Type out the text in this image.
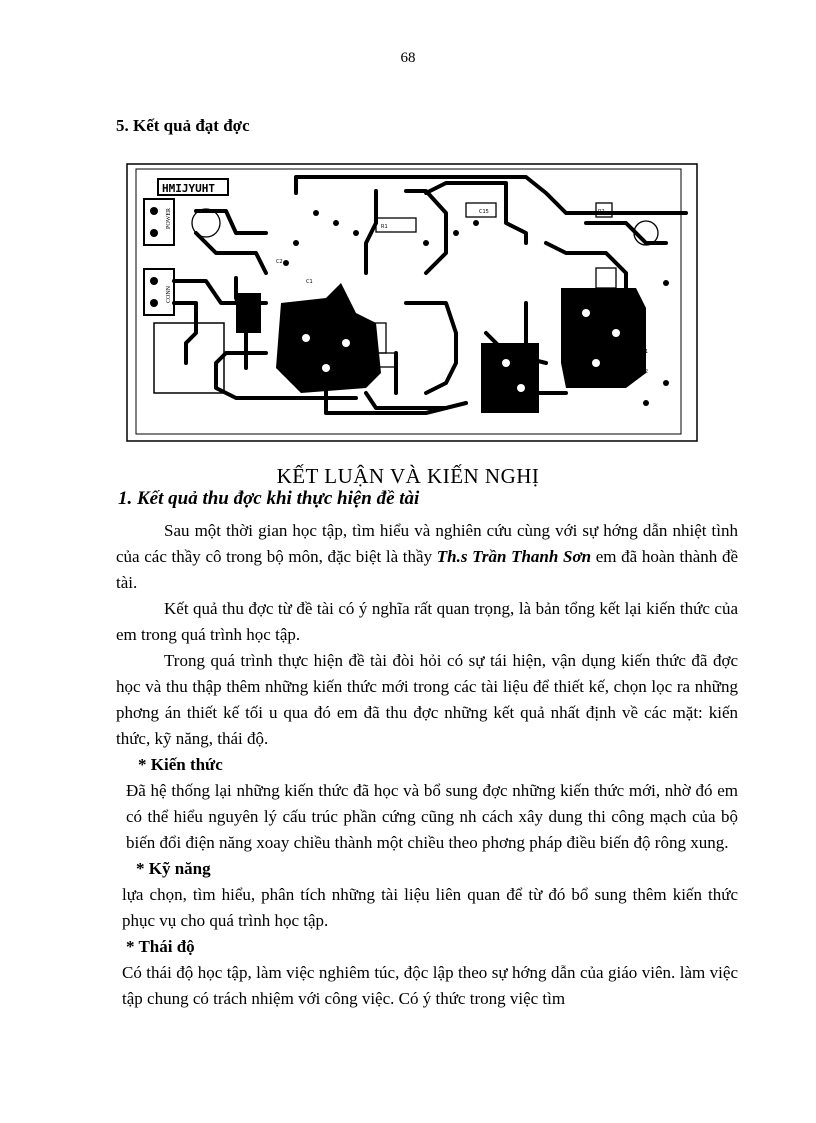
68
5. Kết quả đạt đợc
HMIJYUHT
POWER
CONN
C15
C16
R1
R2
C1
C2
U1
D1
D2
KẾT LUẬN VÀ KIẾN NGHỊ
1. Kết quả thu đợc khi thực hiện đề tài

Sau một thời gian học tập, tìm hiểu và nghiên cứu cùng với sự hớng dẫn nhiệt tình của các thầy cô trong bộ môn, đặc biệt là thầy Th.s Trần Thanh Sơn em đã hoàn thành đề tài.

Kết quả thu đợc từ đề tài có ý nghĩa rất quan trọng, là bản tổng kết lại kiến thức của em trong quá trình học tập.

Trong quá trình thực hiện đề tài đòi hỏi có sự tái hiện, vận dụng kiến thức đã đợc học và thu thập thêm những kiến thức mới trong các tài liệu để thiết kế, chọn lọc ra những phơng án thiết kế tối u qua đó em đã thu đợc những kết quả nhất định về các mặt: kiến thức, kỹ năng, thái độ.

* Kiến thức

Đã hệ thống lại những kiến thức đã học và bổ sung đợc những kiến thức mới, nhờ đó em có thể hiểu nguyên lý cấu trúc phần cứng cũng nh cách xây dung thi công mạch của bộ biến đổi điện năng xoay chiều thành một chiều theo phơng pháp điều biến độ rông xung.

* Kỹ năng

lựa chọn, tìm hiểu, phân tích những tài liệu liên quan để từ đó bổ sung thêm kiến thức phục vụ cho quá trình học tập.

* Thái độ

Có thái độ học tập, làm việc nghiêm túc, độc lập theo sự hớng dẫn của giáo viên. làm việc tập chung có trách nhiệm với công việc. Có ý thức trong việc tìm
